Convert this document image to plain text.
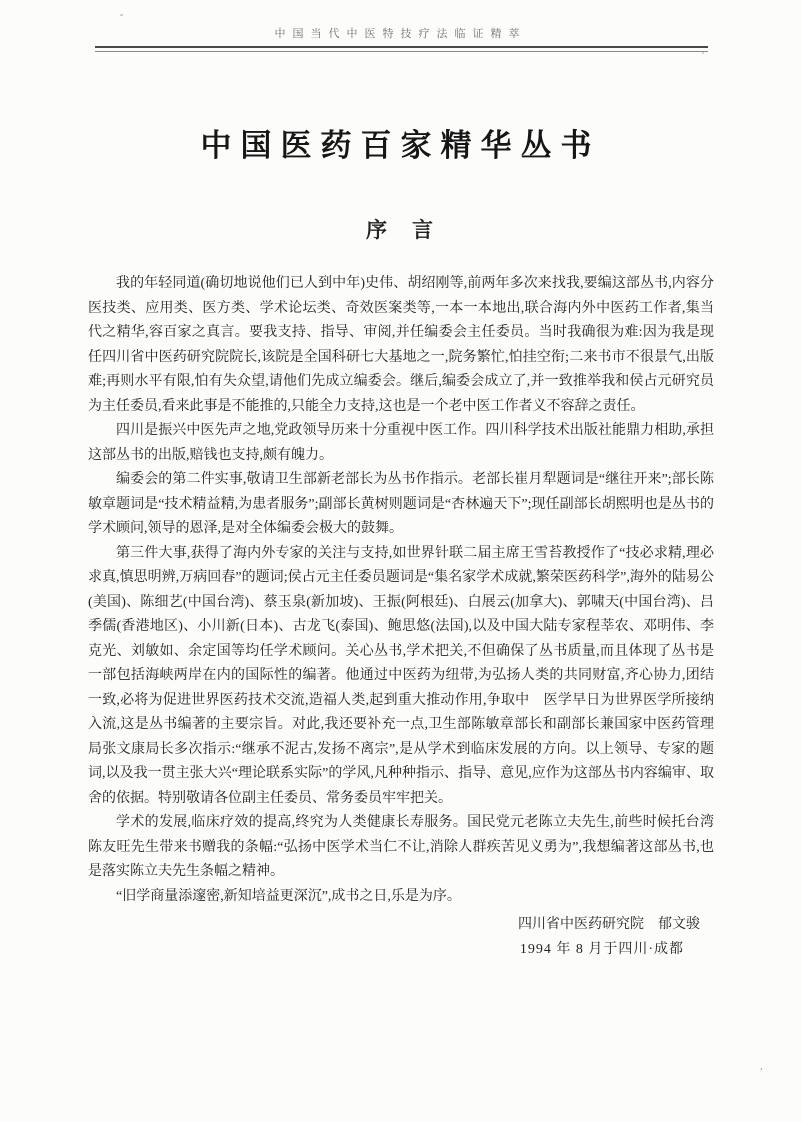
中国当代中医特技疗法临证精萃
中国医药百家精华丛书
序　言

我的年轻同道(确切地说他们已人到中年)史伟、胡绍刚等,前两年多次来找我,要编这部丛书,内容分医技类、应用类、医方类、学术论坛类、奇效医案类等,一本一本地出,联合海内外中医药工作者,集当代之精华,容百家之真言。要我支持、指导、审阅,并任编委会主任委员。当时我确很为难:因为我是现任四川省中医药研究院院长,该院是全国科研七大基地之一,院务繁忙,怕挂空衔;二来书市不很景气,出版难;再则水平有限,怕有失众望,请他们先成立编委会。继后,编委会成立了,并一致推举我和侯占元研究员为主任委员,看来此事是不能推的,只能全力支持,这也是一个老中医工作者义不容辞之责任。

四川是振兴中医先声之地,党政领导历来十分重视中医工作。四川科学技术出版社能鼎力相助,承担这部丛书的出版,赔钱也支持,颇有魄力。

编委会的第二件实事,敬请卫生部新老部长为丛书作指示。老部长崔月犁题词是“继往开来”;部长陈敏章题词是“技术精益精,为患者服务”;副部长黄树则题词是“杏林遍天下”;现任副部长胡熙明也是丛书的学术顾问,领导的恩泽,是对全体编委会极大的鼓舞。

第三件大事,获得了海内外专家的关注与支持,如世界针联二届主席王雪苔教授作了“技必求精,理必求真,慎思明辨,万病回春”的题词;侯占元主任委员题词是“集名家学术成就,繁荣医药科学”,海外的陆易公(美国)、陈细艺(中国台湾)、蔡玉泉(新加坡)、王振(阿根廷)、白展云(加拿大)、郭啸天(中国台湾)、吕季儒(香港地区)、小川新(日本)、古龙飞(泰国)、鲍思悠(法国),以及中国大陆专家程莘农、邓明伟、李克光、刘敏如、余定国等均任学术顾问。关心丛书,学术把关,不但确保了丛书质量,而且体现了丛书是一部包括海峡两岸在内的国际性的编著。他通过中医药为纽带,为弘扬人类的共同财富,齐心协力,团结一致,必将为促进世界医药技术交流,造福人类,起到重大推动作用,争取中　医学早日为世界医学所接纳入流,这是丛书编著的主要宗旨。对此,我还要补充一点,卫生部陈敏章部长和副部长兼国家中医药管理局张文康局长多次指示:“继承不泥古,发扬不离宗”,是从学术到临床发展的方向。以上领导、专家的题词,以及我一贯主张大兴“理论联系实际”的学风,凡种种指示、指导、意见,应作为这部丛书内容编审、取舍的依据。特别敬请各位副主任委员、常务委员牢牢把关。

学术的发展,临床疗效的提高,终究为人类健康长寿服务。国民党元老陈立夫先生,前些时候托台湾陈友旺先生带来书赠我的条幅:“弘扬中医学术当仁不让,消除人群疾苦见义勇为”,我想编著这部丛书,也是落实陈立夫先生条幅之精神。

“旧学商量添邃密,新知培益更深沉”,成书之日,乐是为序。

四川省中医药研究院　郁文骏
1994 年 8 月于四川·成都
’
